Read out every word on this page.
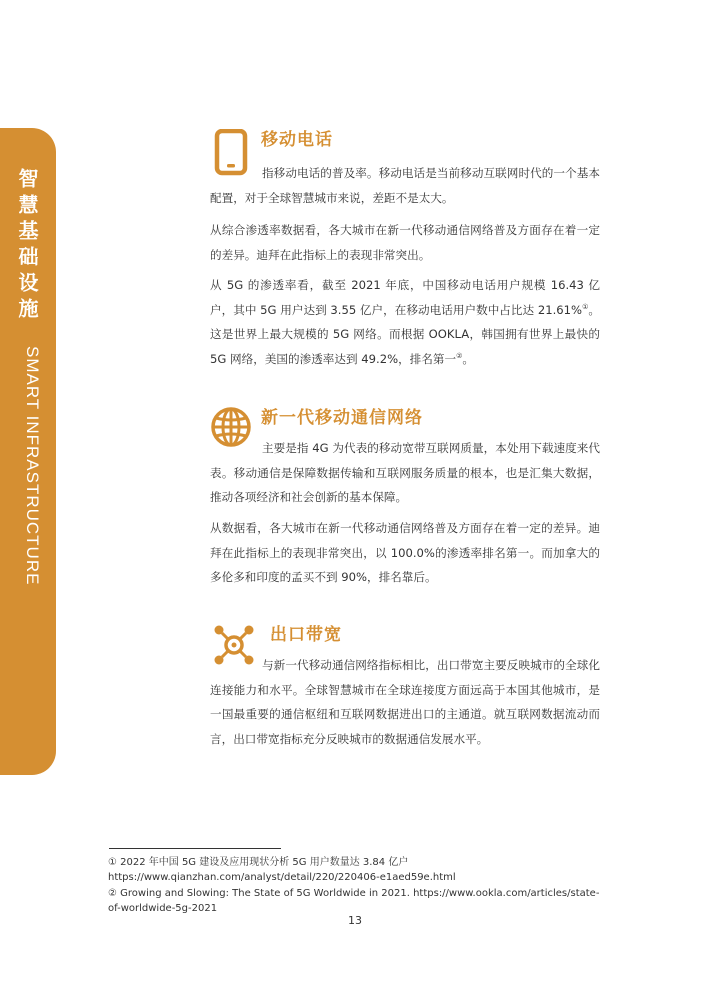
智慧基础设施
SMART INFRASTRUCTURE
移动电话
指移动电话的普及率。移动电话是当前移动互联网时代的一个基本配置，对于全球智慧城市来说，差距不是太大。
从综合渗透率数据看，各大城市在新一代移动通信网络普及方面存在着一定的差异。迪拜在此指标上的表现非常突出。
从 5G 的渗透率看，截至 2021 年底，中国移动电话用户规模 16.43 亿户，其中 5G 用户达到 3.55 亿户，在移动电话用户数中占比达 21.61%①。这是世界上最大规模的 5G 网络。而根据 OOKLA，韩国拥有世界上最快的 5G 网络，美国的渗透率达到 49.2%，排名第一②。
新一代移动通信网络
主要是指 4G 为代表的移动宽带互联网质量，本处用下载速度来代表。移动通信是保障数据传输和互联网服务质量的根本，也是汇集大数据，推动各项经济和社会创新的基本保障。
从数据看，各大城市在新一代移动通信网络普及方面存在着一定的差异。迪拜在此指标上的表现非常突出，以 100.0%的渗透率排名第一。而加拿大的多伦多和印度的孟买不到 90%，排名靠后。
出口带宽
与新一代移动通信网络指标相比，出口带宽主要反映城市的全球化连接能力和水平。全球智慧城市在全球连接度方面远高于本国其他城市，是一国最重要的通信枢纽和互联网数据进出口的主通道。就互联网数据流动而言，出口带宽指标充分反映城市的数据通信发展水平。

① 2022 年中国 5G 建设及应用现状分析 5G 用户数量达 3.84 亿户

https://www.qianzhan.com/analyst/detail/220/220406-e1aed59e.html

② Growing and Slowing: The State of 5G Worldwide in 2021. https://www.ookla.com/articles/state-of-worldwide-5g-2021

13
